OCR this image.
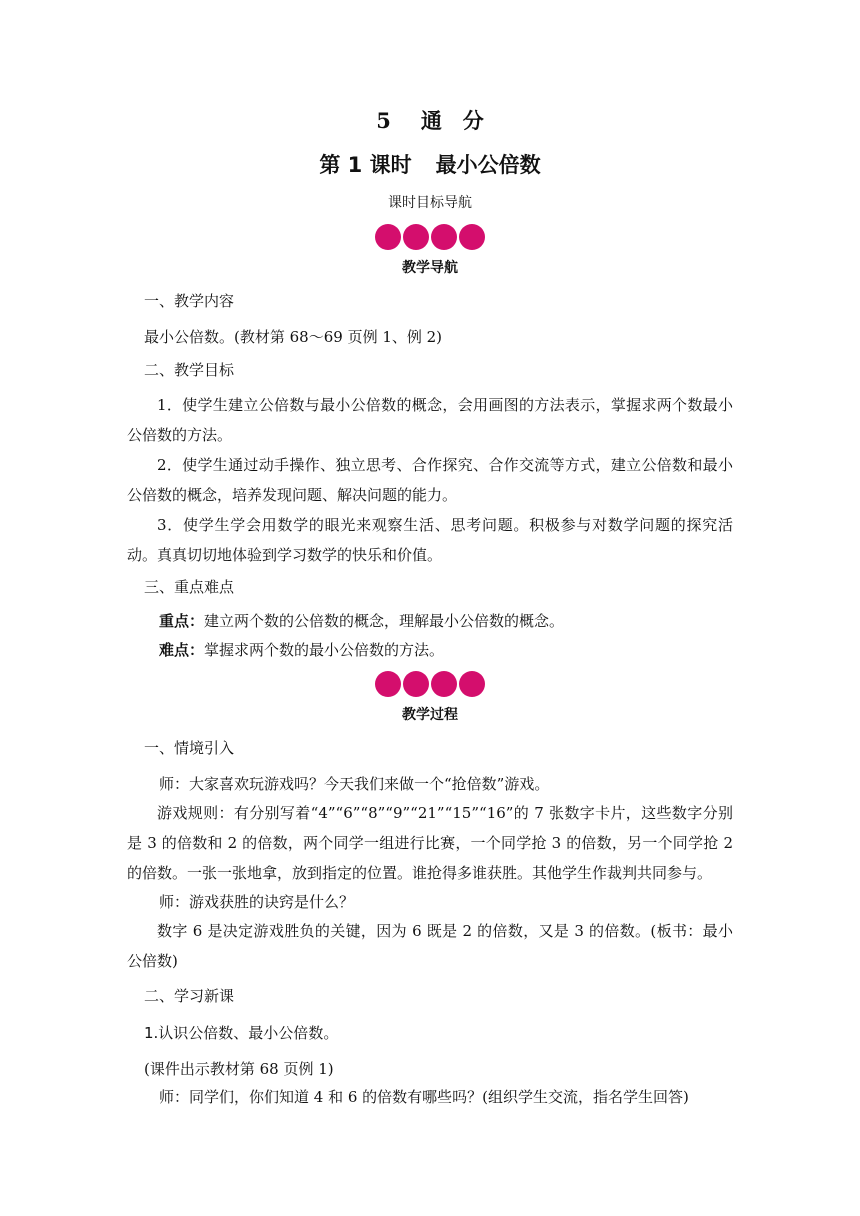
5 通　分
第 1 课时 最小公倍数
课时目标导航
教学导航
一、教学内容
最小公倍数。(教材第 68～69 页例 1、例 2)
二、教学目标
1．使学生建立公倍数与最小公倍数的概念，会用画图的方法表示，掌握求两个数最小公倍数的方法。
2．使学生通过动手操作、独立思考、合作探究、合作交流等方式，建立公倍数和最小公倍数的概念，培养发现问题、解决问题的能力。
3．使学生学会用数学的眼光来观察生活、思考问题。积极参与对数学问题的探究活动。真真切切地体验到学习数学的快乐和价值。
三、重点难点
重点：建立两个数的公倍数的概念，理解最小公倍数的概念。
难点：掌握求两个数的最小公倍数的方法。
教学过程
一、情境引入
师：大家喜欢玩游戏吗？今天我们来做一个“抢倍数”游戏。
游戏规则：有分别写着“4”“6”“8”“9”“21”“15”“16”的 7 张数字卡片，这些数字分别是 3 的倍数和 2 的倍数，两个同学一组进行比赛，一个同学抢 3 的倍数，另一个同学抢 2 的倍数。一张一张地拿，放到指定的位置。谁抢得多谁获胜。其他学生作裁判共同参与。
师：游戏获胜的诀窍是什么？
数字 6 是决定游戏胜负的关键，因为 6 既是 2 的倍数，又是 3 的倍数。(板书：最小公倍数)
二、学习新课
1.认识公倍数、最小公倍数。
(课件出示教材第 68 页例 1)
师：同学们，你们知道 4 和 6 的倍数有哪些吗？(组织学生交流，指名学生回答)
